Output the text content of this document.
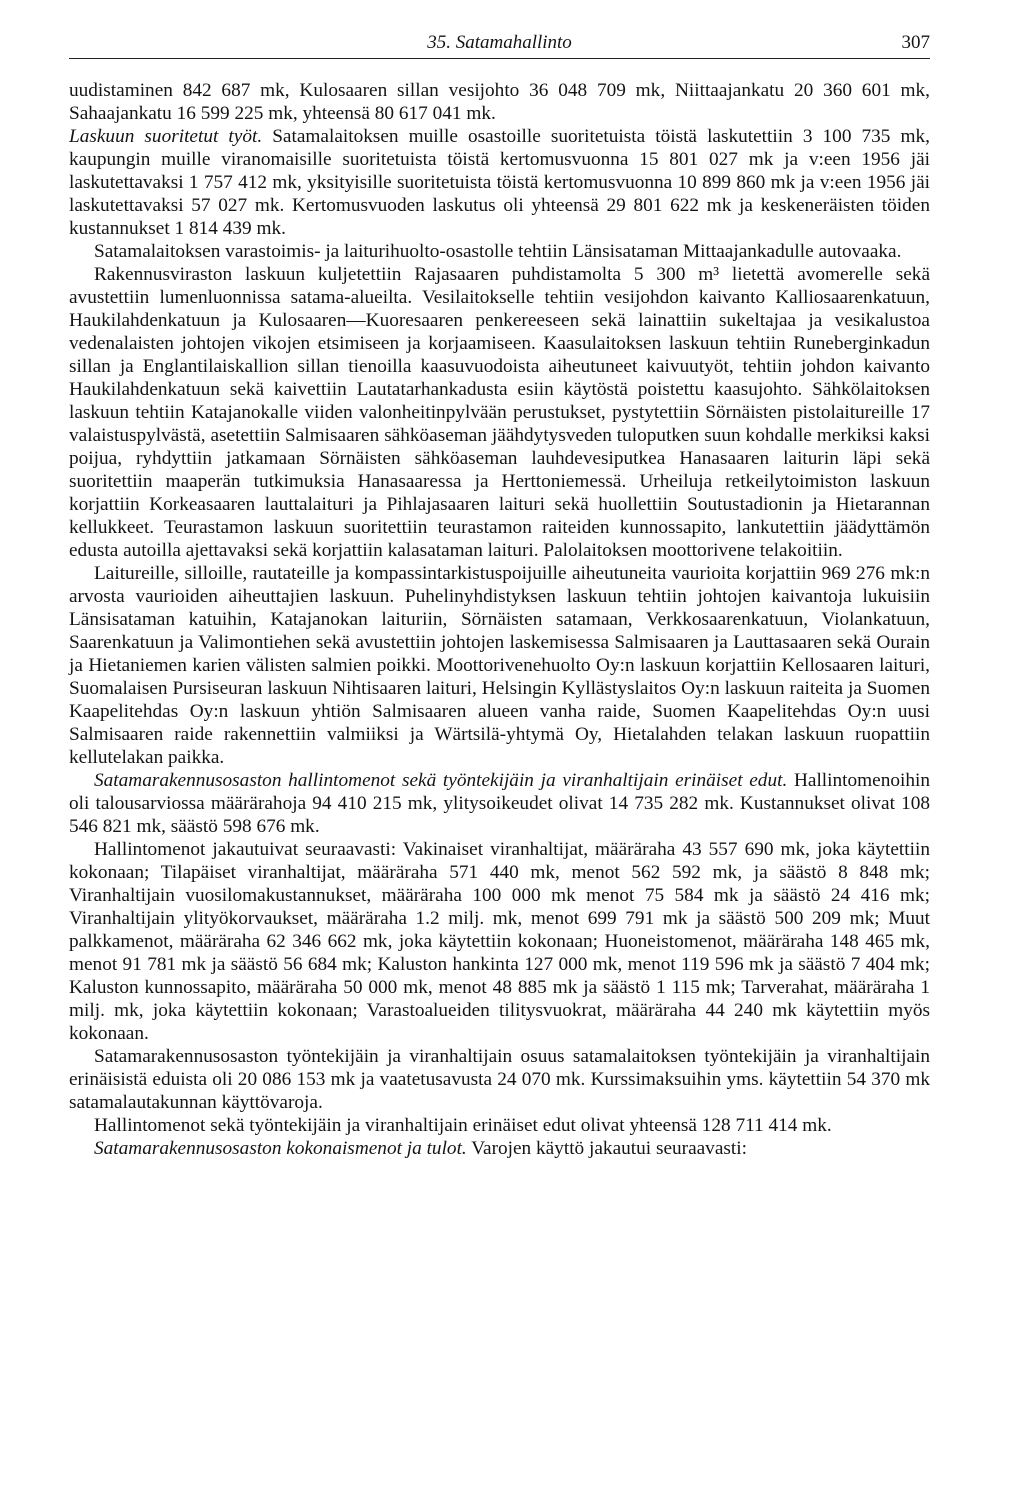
35. Satamahallinto	307

uudistaminen 842 687 mk, Kulosaaren sillan vesijohto 36 048 709 mk, Niittaajankatu 20 360 601 mk, Sahaajankatu 16 599 225 mk, yhteensä 80 617 041 mk.

Laskuun suoritetut työt. Satamalaitoksen muille osastoille suoritetuista töistä laskutettiin 3 100 735 mk, kaupungin muille viranomaisille suoritetuista töistä kertomusvuonna 15 801 027 mk ja v:een 1956 jäi laskutettavaksi 1 757 412 mk, yksityisille suoritetuista töistä kertomusvuonna 10 899 860 mk ja v:een 1956 jäi laskutettavaksi 57 027 mk. Kertomusvuoden laskutus oli yhteensä 29 801 622 mk ja keskeneräisten töiden kustannukset 1 814 439 mk.

Satamalaitoksen varastoimis- ja laiturihuolto-osastolle tehtiin Länsisataman Mittaajankadulle autovaaka.

Rakennusviraston laskuun kuljetettiin Rajasaaren puhdistamolta 5 300 m³ lietettä avomerelle sekä avustettiin lumenluonnissa satama-alueilta. Vesilaitokselle tehtiin vesijohdon kaivanto Kalliosaarenkatuun, Haukilahdenkatuun ja Kulosaaren—Kuoresaaren penkereeseen sekä lainattiin sukeltajaa ja vesikalustoa vedenalaisten johtojen vikojen etsimiseen ja korjaamiseen. Kaasulaitoksen laskuun tehtiin Runeberginkadun sillan ja Englantilaiskallion sillan tienoilla kaasuvuodoista aiheutuneet kaivuutyöt, tehtiin johdon kaivanto Haukilahdenkatuun sekä kaivettiin Lautatarhankadusta esiin käytöstä poistettu kaasujohto. Sähkölaitoksen laskuun tehtiin Katajanokalle viiden valonheitinpylvään perustukset, pystytettiin Sörnäisten pistolaitureille 17 valaistuspylvästä, asetettiin Salmisaaren sähköaseman jäähdytysveden tuloputken suun kohdalle merkiksi kaksi poijua, ryhdyttiin jatkamaan Sörnäisten sähköaseman lauhdevesiputkea Hanasaaren laiturin läpi sekä suoritettiin maaperän tutkimuksia Hanasaaressa ja Herttoniemessä. Urheiluja retkeilytoimiston laskuun korjattiin Korkeasaaren lauttalaituri ja Pihlajasaaren laituri sekä huollettiin Soutustadionin ja Hietarannan kellukkeet. Teurastamon laskuun suoritettiin teurastamon raiteiden kunnossapito, lankutettiin jäädyttämön edusta autoilla ajettavaksi sekä korjattiin kalasataman laituri. Palolaitoksen moottorivene telakoitiin.

Laitureille, silloille, rautateille ja kompassintarkistuspoijuille aiheutuneita vaurioita korjattiin 969 276 mk:n arvosta vaurioiden aiheuttajien laskuun. Puhelinyhdistyksen laskuun tehtiin johtojen kaivantoja lukuisiin Länsisataman katuihin, Katajanokan laituriin, Sörnäisten satamaan, Verkkosaarenkatuun, Violankatuun, Saarenkatuun ja Valimontiehen sekä avustettiin johtojen laskemisessa Salmisaaren ja Lauttasaaren sekä Ourain ja Hietaniemen karien välisten salmien poikki. Moottorivenehuolto Oy:n laskuun korjattiin Kellosaaren laituri, Suomalaisen Pursiseuran laskuun Nihtisaaren laituri, Helsingin Kyllästyslaitos Oy:n laskuun raiteita ja Suomen Kaapelitehdas Oy:n laskuun yhtiön Salmisaaren alueen vanha raide, Suomen Kaapelitehdas Oy:n uusi Salmisaaren raide rakennettiin valmiiksi ja Wärtsilä-yhtymä Oy, Hietalahden telakan laskuun ruopattiin kellutelakan paikka.

Satamarakennusosaston hallintomenot sekä työntekijäin ja viranhaltijain erinäiset edut. Hallintomenoihin oli talousarviossa määrärahoja 94 410 215 mk, ylitysoikeudet olivat 14 735 282 mk. Kustannukset olivat 108 546 821 mk, säästö 598 676 mk.

Hallintomenot jakautuivat seuraavasti: Vakinaiset viranhaltijat, määräraha 43 557 690 mk, joka käytettiin kokonaan; Tilapäiset viranhaltijat, määräraha 571 440 mk, menot 562 592 mk, ja säästö 8 848 mk; Viranhaltijain vuosilomakustannukset, määräraha 100 000 mk menot 75 584 mk ja säästö 24 416 mk; Viranhaltijain ylityökorvaukset, määräraha 1.2 milj. mk, menot 699 791 mk ja säästö 500 209 mk; Muut palkkamenot, määräraha 62 346 662 mk, joka käytettiin kokonaan; Huoneistomenot, määräraha 148 465 mk, menot 91 781 mk ja säästö 56 684 mk; Kaluston hankinta 127 000 mk, menot 119 596 mk ja säästö 7 404 mk; Kaluston kunnossapito, määräraha 50 000 mk, menot 48 885 mk ja säästö 1 115 mk; Tarverahat, määräraha 1 milj. mk, joka käytettiin kokonaan; Varastoalueiden tilitysvuokrat, määräraha 44 240 mk käytettiin myös kokonaan.

Satamarakennusosaston työntekijäin ja viranhaltijain osuus satamalaitoksen työntekijäin ja viranhaltijain erinäisistä eduista oli 20 086 153 mk ja vaatetusavusta 24 070 mk. Kurssimaksuihin yms. käytettiin 54 370 mk satamalautakunnan käyttövaroja.

Hallintomenot sekä työntekijäin ja viranhaltijain erinäiset edut olivat yhteensä 128 711 414 mk.

Satamarakennusosaston kokonaismenot ja tulot. Varojen käyttö jakautui seuraavasti:
